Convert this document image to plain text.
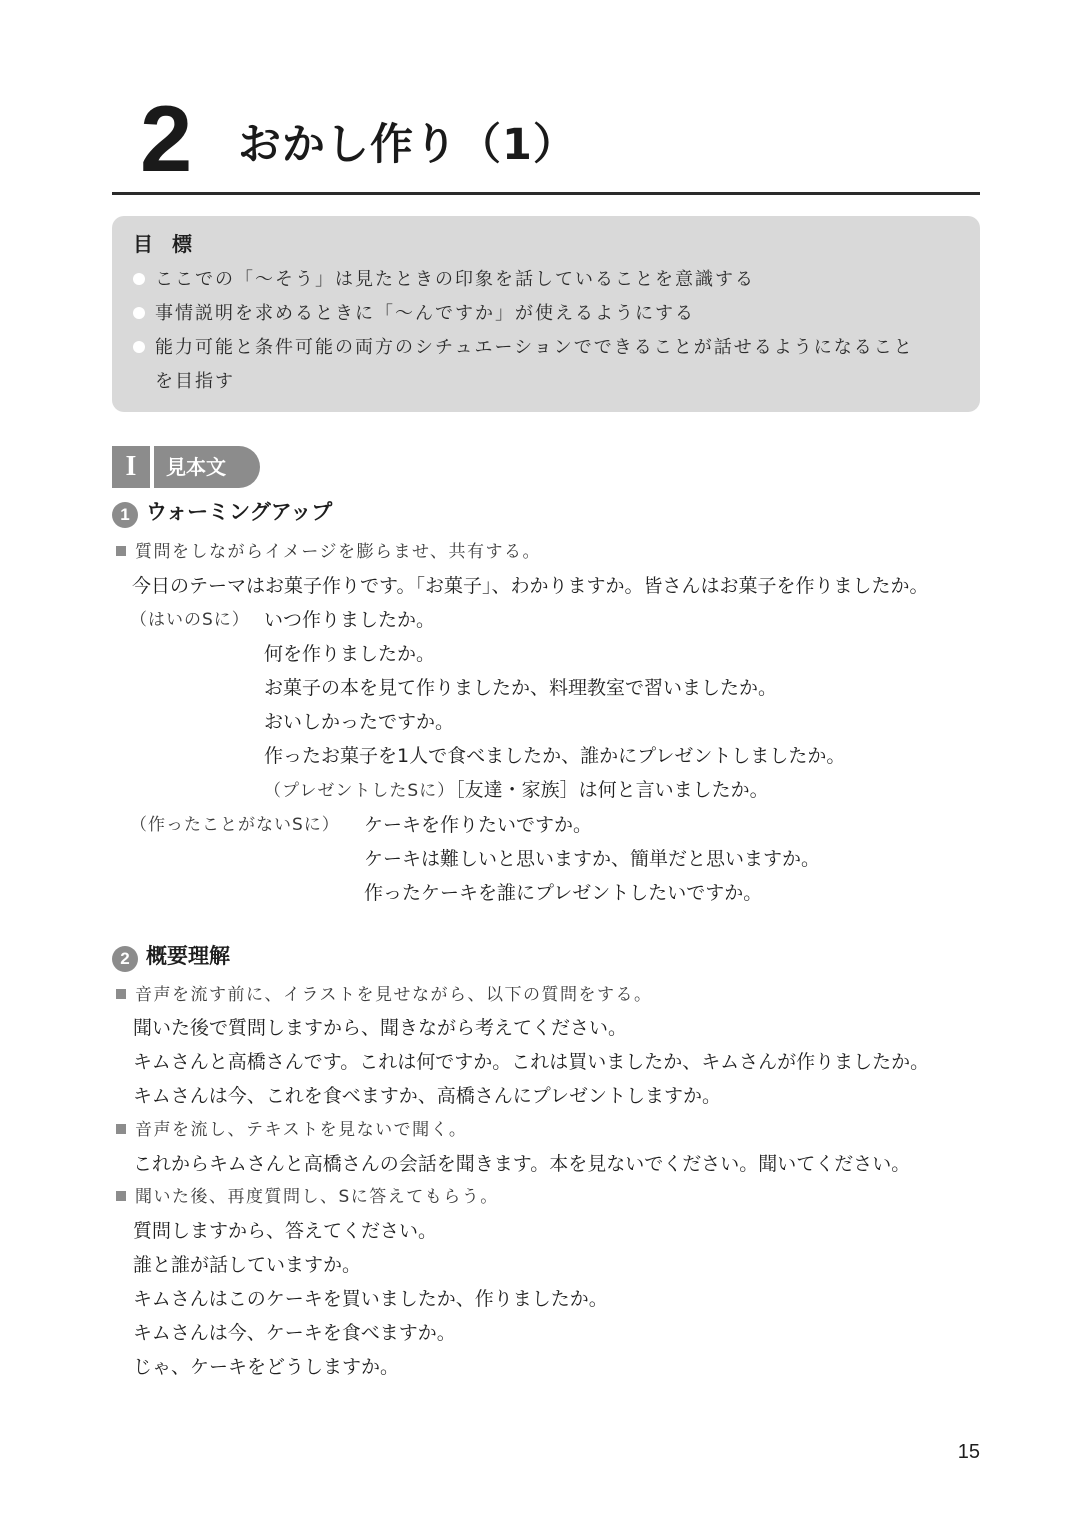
2 おかし作り（1）
目 標
ここでの「〜そう」は見たときの印象を話していることを意識する
事情説明を求めるときに「〜んですか」が使えるようにする
能力可能と条件可能の両方のシチュエーションでできることが話せるようになること
を目指す
I	見本文
1 ウォーミングアップ
質問をしながらイメージを膨らませ、共有する。
今日のテーマはお菓子作りです。「お菓子」、わかりますか。皆さんはお菓子を作りましたか。
（はいのSに） いつ作りましたか。
何を作りましたか。
お菓子の本を見て作りましたか、料理教室で習いましたか。
おいしかったですか。
作ったお菓子を1人で食べましたか、誰かにプレゼントしましたか。
（プレゼントしたSに）［友達・家族］は何と言いましたか。
（作ったことがないSに） ケーキを作りたいですか。
ケーキは難しいと思いますか、簡単だと思いますか。
作ったケーキを誰にプレゼントしたいですか。
2 概要理解
音声を流す前に、イラストを見せながら、以下の質問をする。
聞いた後で質問しますから、聞きながら考えてください。
キムさんと高橋さんです。これは何ですか。これは買いましたか、キムさんが作りましたか。
キムさんは今、これを食べますか、高橋さんにプレゼントしますか。
音声を流し、テキストを見ないで聞く。
これからキムさんと高橋さんの会話を聞きます。本を見ないでください。聞いてください。
聞いた後、再度質問し、Sに答えてもらう。
質問しますから、答えてください。
誰と誰が話していますか。
キムさんはこのケーキを買いましたか、作りましたか。
キムさんは今、ケーキを食べますか。
じゃ、ケーキをどうしますか。
15
